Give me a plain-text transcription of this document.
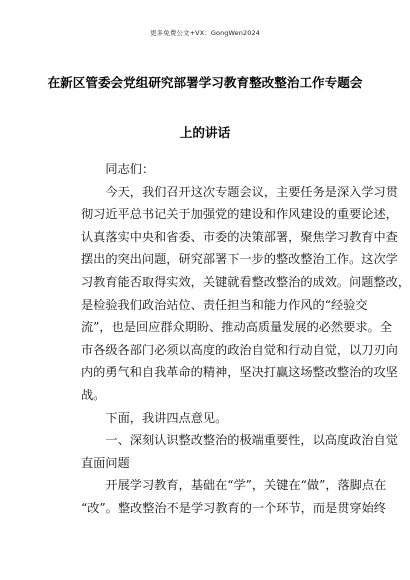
更多免费公文+VX：GongWen2024
在新区管委会党组研究部署学习教育整改整治工作专题会
上的讲话

同志们：

今天，我们召开这次专题会议，主要任务是深入学习贯
彻习近平总书记关于加强党的建设和作风建设的重要论述，
认真落实中央和省委、市委的决策部署，聚焦学习教育中查
摆出的突出问题，研究部署下一步的整改整治工作。这次学
习教育能否取得实效，关键就看整改整治的成效。问题整改，
是检验我们政治站位、责任担当和能力作风的“经验交
流”，也是回应群众期盼、推动高质量发展的必然要求。全
市各级各部门必须以高度的政治自觉和行动自觉，以刀刃向
内的勇气和自我革命的精神，坚决打赢这场整改整治的攻坚
战。

下面，我讲四点意见。

一、深刻认识整改整治的极端重要性，以高度政治自觉
直面问题

开展学习教育，基础在“学”，关键在“做”，落脚点在
“改”。整改整治不是学习教育的一个环节，而是贯穿始终
